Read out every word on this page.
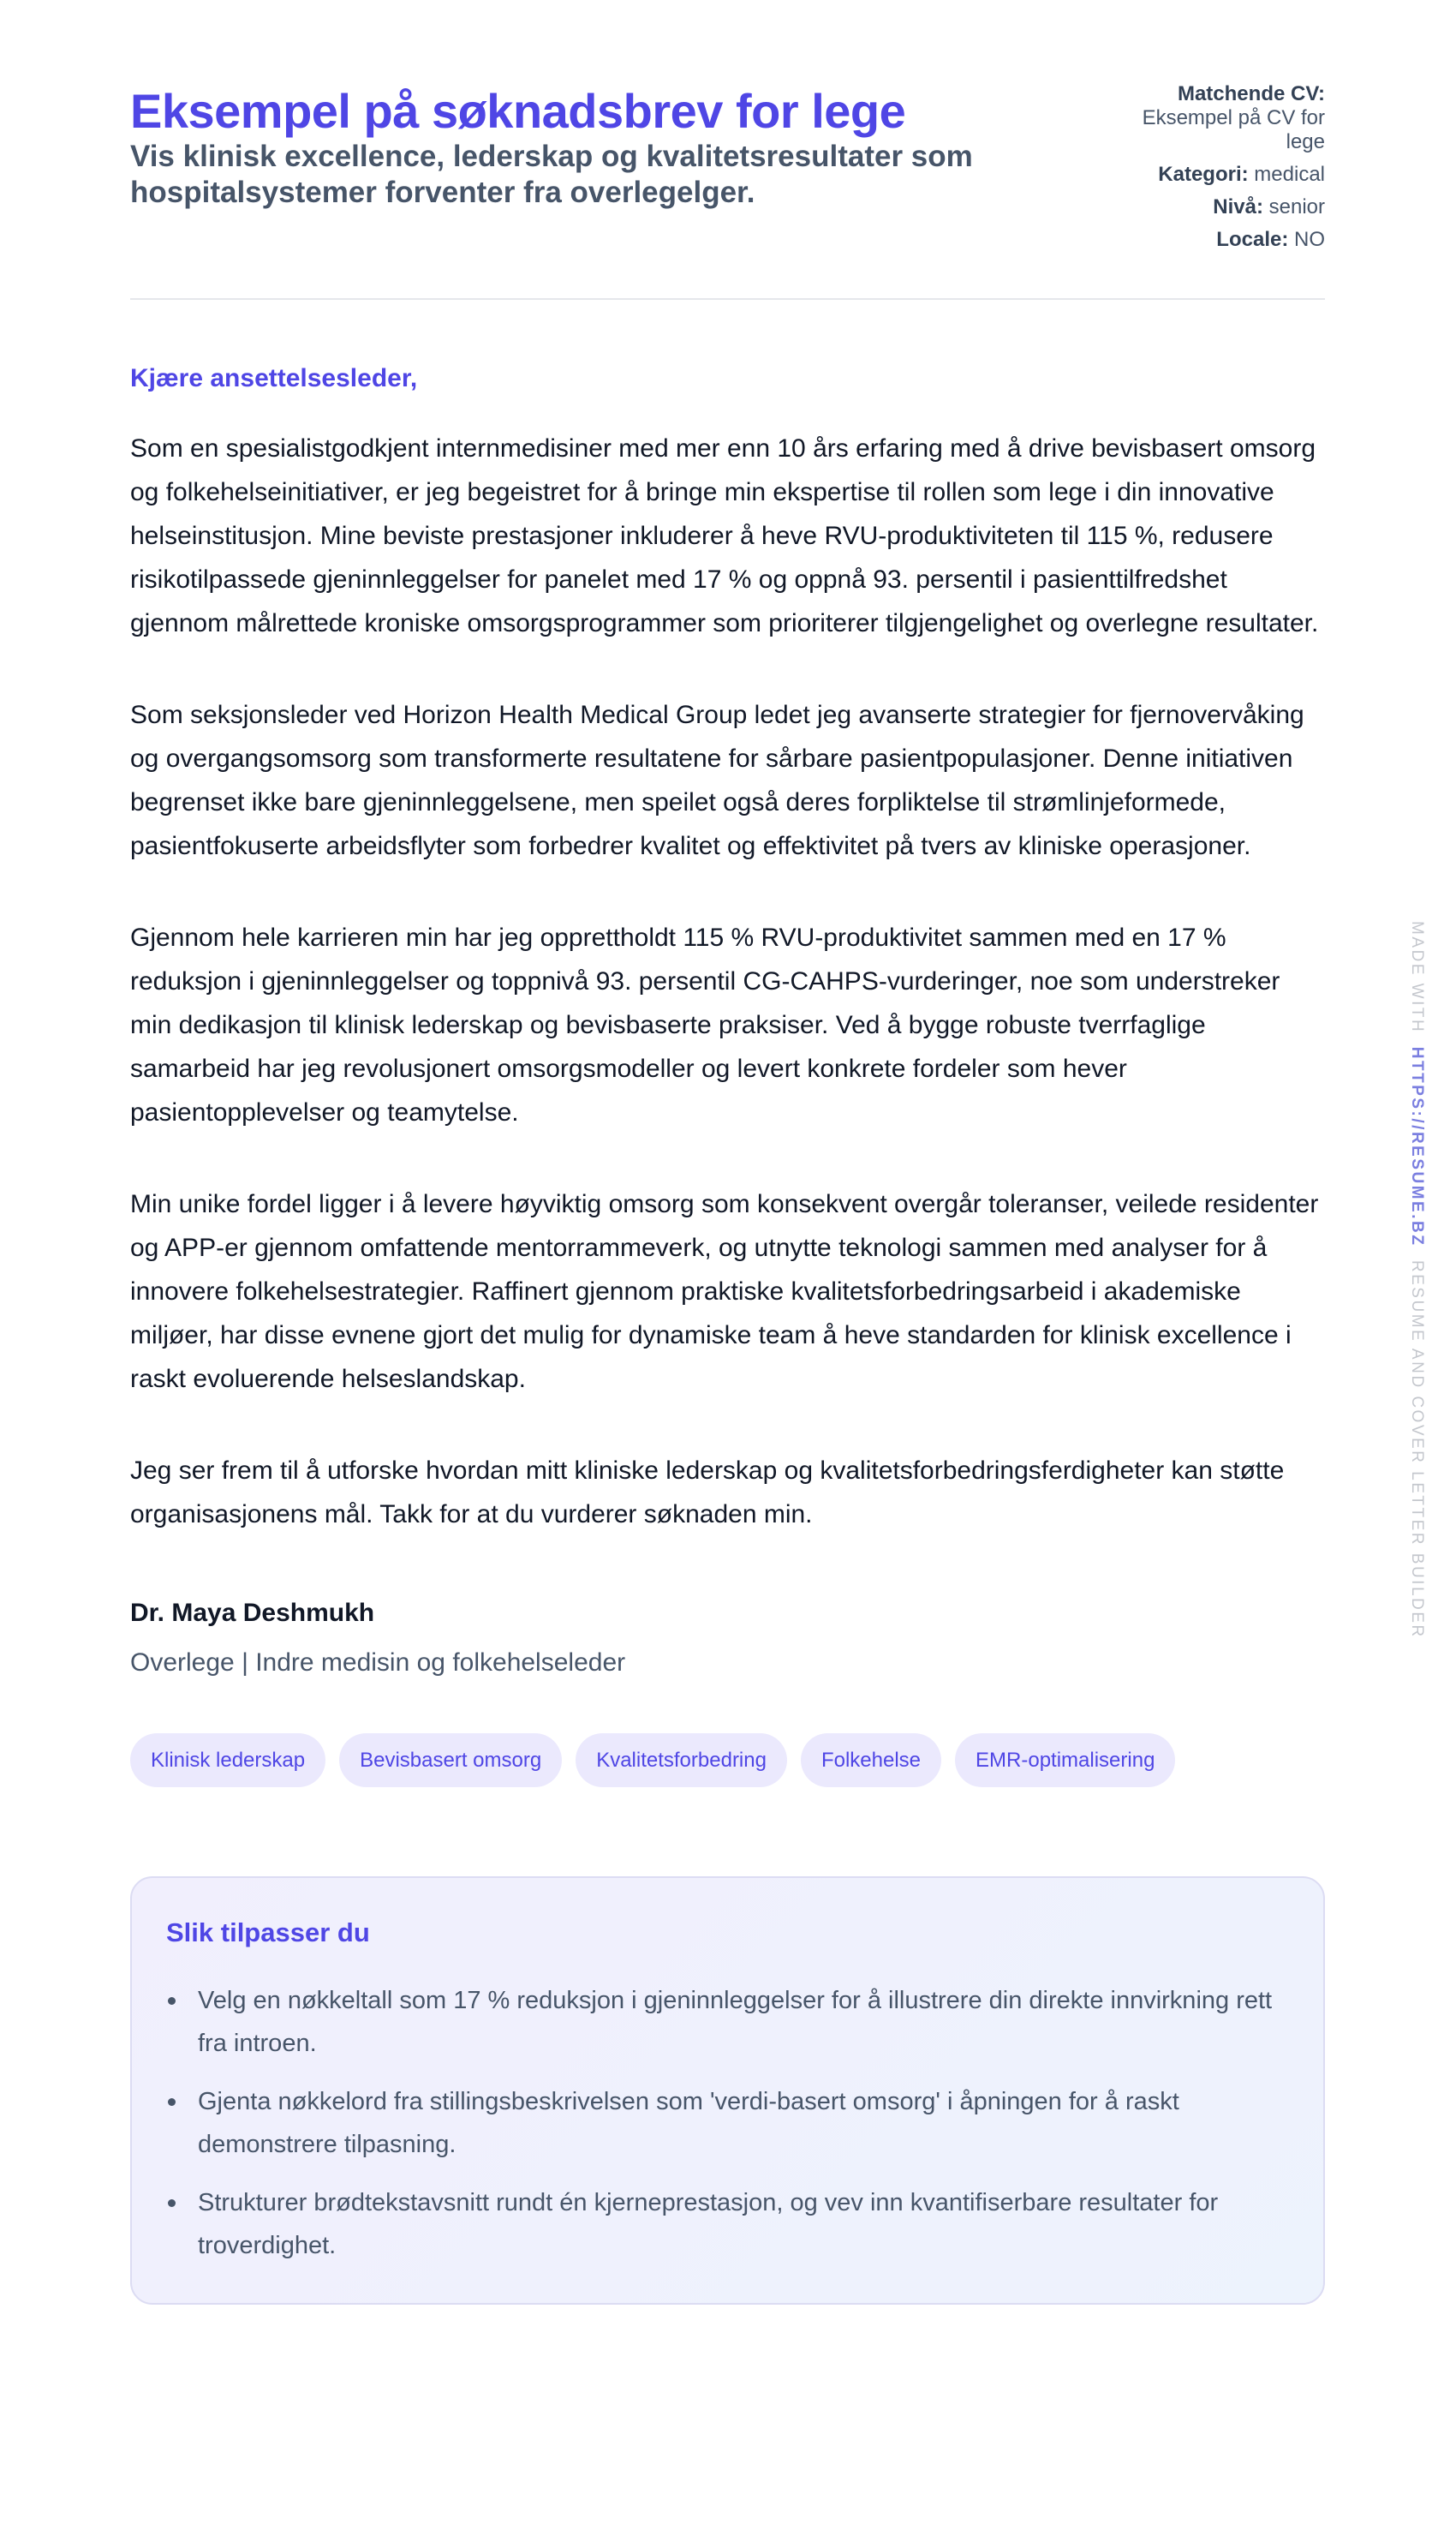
Eksempel på søknadsbrev for lege
Vis klinisk excellence, lederskap og kvalitetsresultater som hospitalsystemer forventer fra overlegelger.
Matchende CV:
Eksempel på CV for lege
Kategori: medical
Nivå: senior
Locale: NO

Kjære ansettelsesleder,

Som en spesialistgodkjent internmedisiner med mer enn 10 års erfaring med å drive bevisbasert omsorg og folkehelseinitiativer, er jeg begeistret for å bringe min ekspertise til rollen som lege i din innovative helseinstitusjon. Mine beviste prestasjoner inkluderer å heve RVU-produktiviteten til 115 %, redusere risikotilpassede gjeninnleggelser for panelet med 17 % og oppnå 93. persentil i pasienttilfredshet gjennom målrettede kroniske omsorgsprogrammer som prioriterer tilgjengelighet og overlegne resultater.

Som seksjonsleder ved Horizon Health Medical Group ledet jeg avanserte strategier for fjernovervåking og overgangsomsorg som transformerte resultatene for sårbare pasientpopulasjoner. Denne initiativen begrenset ikke bare gjeninnleggelsene, men speilet også deres forpliktelse til strømlinjeformede, pasientfokuserte arbeidsflyter som forbedrer kvalitet og effektivitet på tvers av kliniske operasjoner.

Gjennom hele karrieren min har jeg opprettholdt 115 % RVU-produktivitet sammen med en 17 % reduksjon i gjeninnleggelser og toppnivå 93. persentil CG-CAHPS-vurderinger, noe som understreker min dedikasjon til klinisk lederskap og bevisbaserte praksiser. Ved å bygge robuste tverrfaglige samarbeid har jeg revolusjonert omsorgsmodeller og levert konkrete fordeler som hever pasientopplevelser og teamytelse.

Min unike fordel ligger i å levere høyviktig omsorg som konsekvent overgår toleranser, veilede residenter og APP-er gjennom omfattende mentorrammeverk, og utnytte teknologi sammen med analyser for å innovere folkehelsestrategier. Raffinert gjennom praktiske kvalitetsforbedringsarbeid i akademiske miljøer, har disse evnene gjort det mulig for dynamiske team å heve standarden for klinisk excellence i raskt evoluerende helseslandskap.

Jeg ser frem til å utforske hvordan mitt kliniske lederskap og kvalitetsforbedringsferdigheter kan støtte organisasjonens mål. Takk for at du vurderer søknaden min.

Dr. Maya Deshmukh

Overlege | Indre medisin og folkehelseleder

Klinisk lederskap	Bevisbasert omsorg	Kvalitetsforbedring	Folkehelse	EMR-optimalisering
Slik tilpasser du
Velg en nøkkeltall som 17 % reduksjon i gjeninnleggelser for å illustrere din direkte innvirkning rett fra introen.
Gjenta nøkkelord fra stillingsbeskrivelsen som 'verdi-basert omsorg' i åpningen for å raskt demonstrere tilpasning.
Strukturer brødtekstavsnitt rundt én kjerneprestasjon, og vev inn kvantifiserbare resultater for troverdighet.
MADE WITH  HTTPS://RESUME.BZ  RESUME AND COVER LETTER BUILDER
